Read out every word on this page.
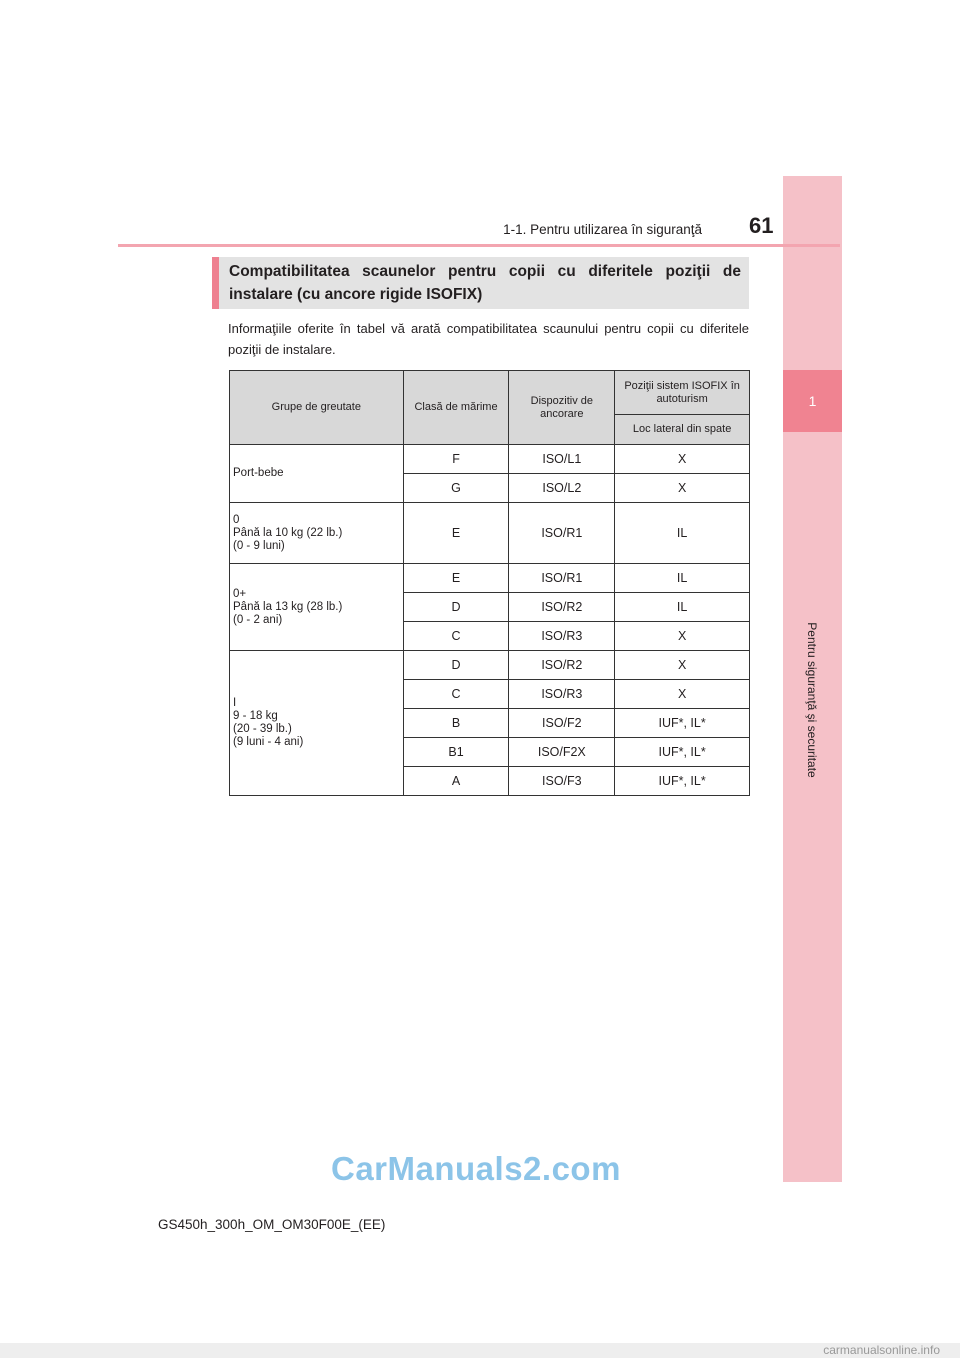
1
Pentru siguranţă şi securitate
1-1. Pentru utilizarea în siguranţă 61
Compatibilitatea scaunelor pentru copii cu diferitele poziţii de instalare (cu ancore rigide ISOFIX)
Informaţiile oferite în tabel vă arată compatibilitatea scaunului pentru copii cu diferitele poziţii de instalare.
Grupe de greutate	Clasă de mărime	Dispozitiv de ancorare	Poziţii sistem ISOFIX în autoturism
			Loc lateral din spate
Port-bebe	F	ISO/L1	X
	G	ISO/L2	X
0
Până la 10 kg (22 lb.)
(0 - 9 luni)	E	ISO/R1	IL
0+
Până la 13 kg (28 lb.)
(0 - 2 ani)	E	ISO/R1	IL
	D	ISO/R2	IL
	C	ISO/R3	X
I
9 - 18 kg
(20 - 39 lb.)
(9 luni - 4 ani)	D	ISO/R2	X
	C	ISO/R3	X
	B	ISO/F2	IUF*, IL*
	B1	ISO/F2X	IUF*, IL*
	A	ISO/F3	IUF*, IL*
GS450h_300h_OM_OM30F00E_(EE)
CarManuals2.com
carmanualsonline.info
